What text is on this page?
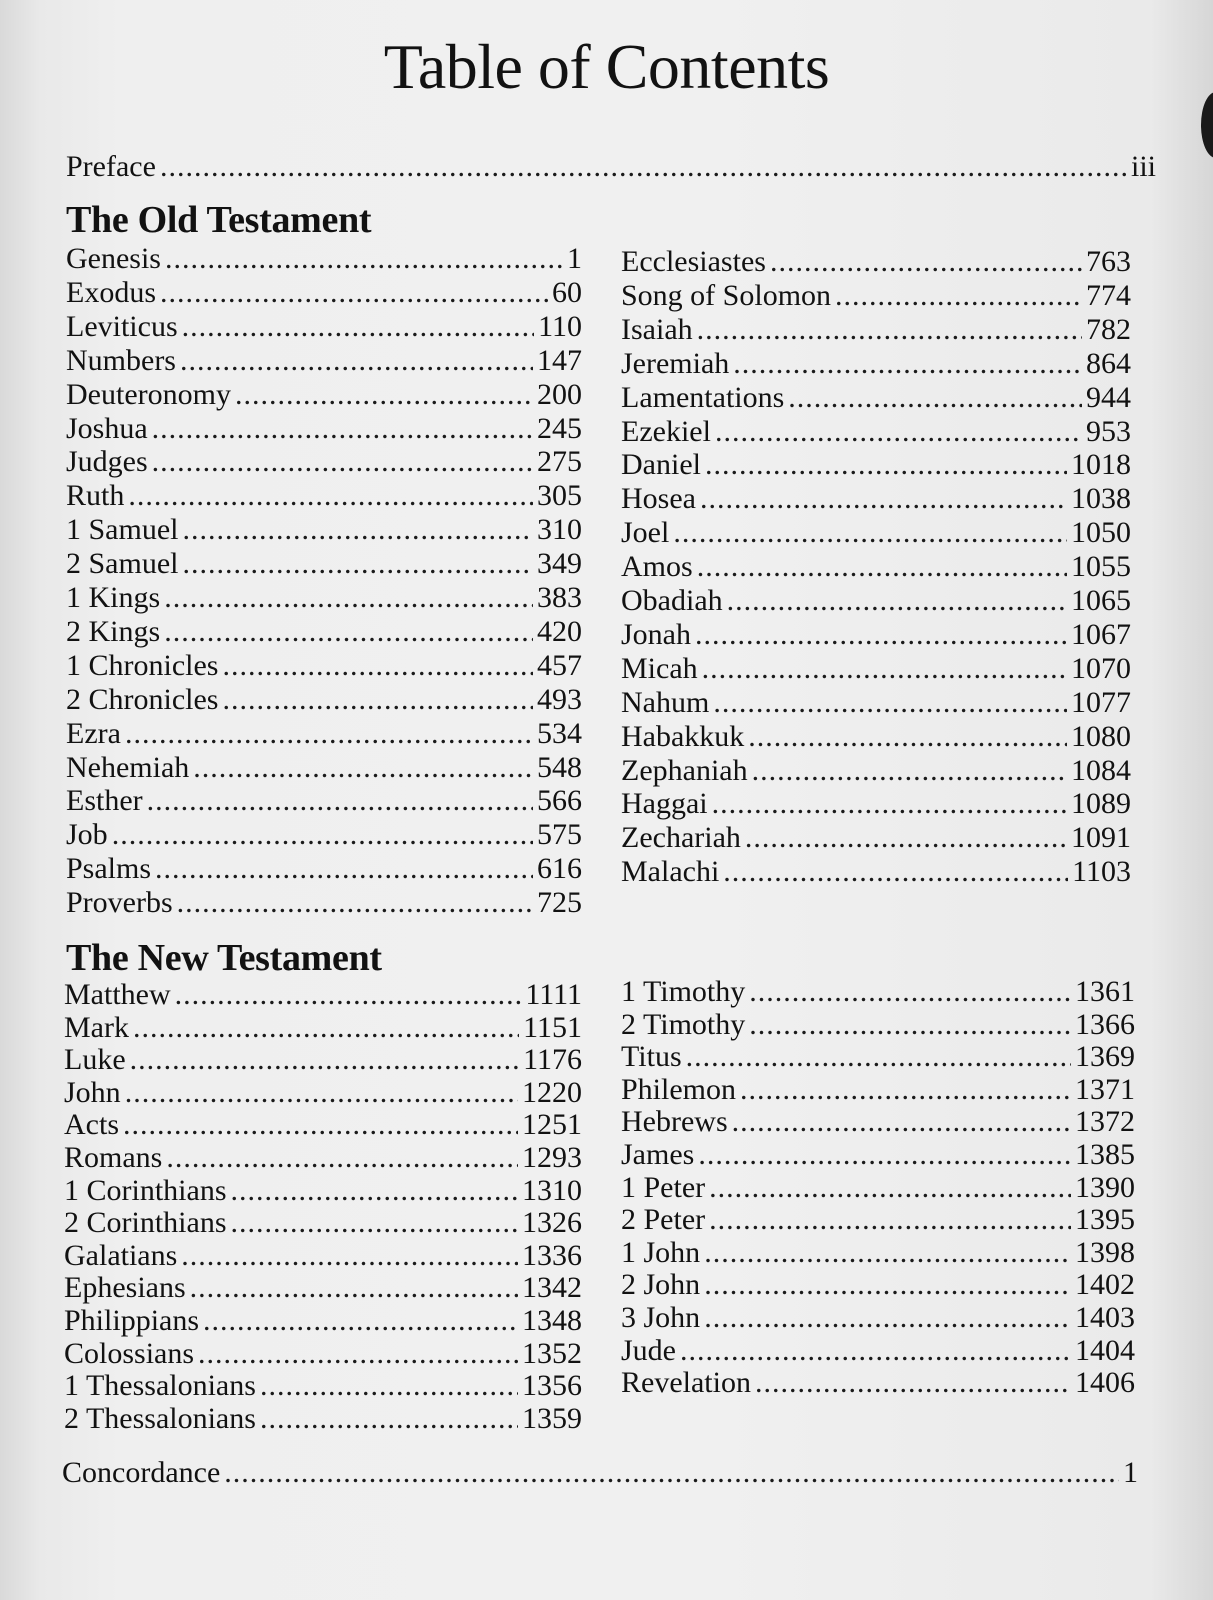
Table of Contents
Preface .....	iii
The Old Testament
Genesis .....	1
Exodus .....	60
Leviticus .....	110
Numbers .....	147
Deuteronomy .....	200
Joshua .....	245
Judges .....	275
Ruth .....	305
1 Samuel .....	310
2 Samuel .....	349
1 Kings .....	383
2 Kings .....	420
1 Chronicles .....	457
2 Chronicles .....	493
Ezra .....	534
Nehemiah .....	548
Esther .....	566
Job .....	575
Psalms .....	616
Proverbs .....	725
Ecclesiastes .....	763
Song of Solomon .....	774
Isaiah .....	782
Jeremiah .....	864
Lamentations .....	944
Ezekiel .....	953
Daniel .....	1018
Hosea .....	1038
Joel .....	1050
Amos .....	1055
Obadiah .....	1065
Jonah .....	1067
Micah .....	1070
Nahum .....	1077
Habakkuk .....	1080
Zephaniah .....	1084
Haggai .....	1089
Zechariah .....	1091
Malachi .....	1103
The New Testament
Matthew .....	1111
Mark .....	1151
Luke .....	1176
John .....	1220
Acts .....	1251
Romans .....	1293
1 Corinthians .....	1310
2 Corinthians .....	1326
Galatians .....	1336
Ephesians .....	1342
Philippians .....	1348
Colossians .....	1352
1 Thessalonians .....	1356
2 Thessalonians .....	1359
1 Timothy .....	1361
2 Timothy .....	1366
Titus .....	1369
Philemon .....	1371
Hebrews .....	1372
James .....	1385
1 Peter .....	1390
2 Peter .....	1395
1 John .....	1398
2 John .....	1402
3 John .....	1403
Jude .....	1404
Revelation .....	1406
Concordance .....	1
